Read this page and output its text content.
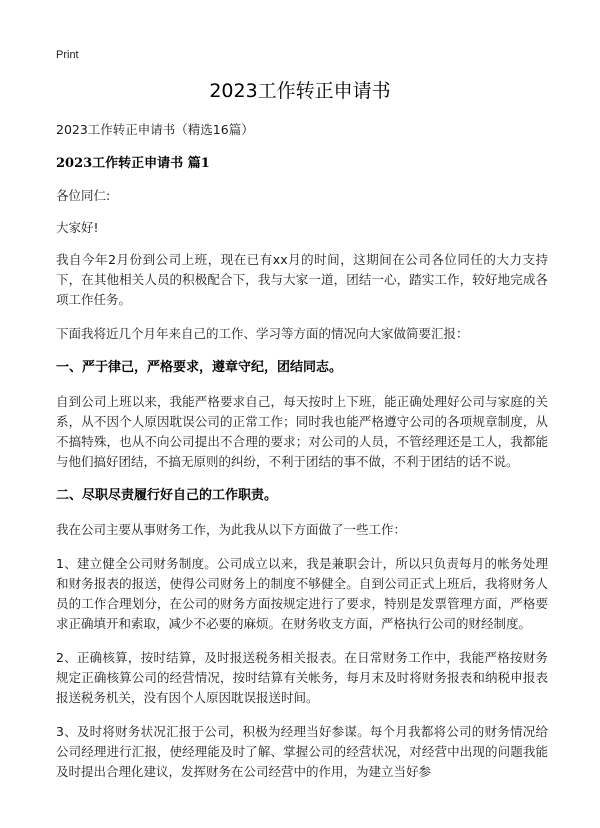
Print
2023工作转正申请书

2023工作转正申请书（精选16篇）

2023工作转正申请书 篇1

各位同仁:

大家好!

我自今年2月份到公司上班，现在已有xx月的时间，这期间在公司各位同任的大力支持下，在其他相关人员的积极配合下，我与大家一道，团结一心，踏实工作，较好地完成各项工作任务。

下面我将近几个月年来自己的工作、学习等方面的情况向大家做简要汇报：

一、严于律己，严格要求，遵章守纪，团结同志。

自到公司上班以来，我能严格要求自己，每天按时上下班，能正确处理好公司与家庭的关系，从不因个人原因耽误公司的正常工作；同时我也能严格遵守公司的各项规章制度，从不搞特殊，也从不向公司提出不合理的要求；对公司的人员，不管经理还是工人，我都能与他们搞好团结，不搞无原则的纠纷，不利于团结的事不做，不利于团结的话不说。

二、尽职尽责履行好自己的工作职责。

我在公司主要从事财务工作，为此我从以下方面做了一些工作：

1、建立健全公司财务制度。公司成立以来，我是兼职会计，所以只负责每月的帐务处理和财务报表的报送，使得公司财务上的制度不够健全。自到公司正式上班后，我将财务人员的工作合理划分，在公司的财务方面按规定进行了要求，特别是发票管理方面，严格要求正确填开和索取，减少不必要的麻烦。在财务收支方面，严格执行公司的财经制度。

2、正确核算，按时结算，及时报送税务相关报表。在日常财务工作中，我能严格按财务规定正确核算公司的经营情况，按时结算有关帐务，每月末及时将财务报表和纳税申报表报送税务机关，没有因个人原因耽误报送时间。

3、及时将财务状况汇报于公司，积极为经理当好参谋。每个月我都将公司的财务情况给公司经理进行汇报，使经理能及时了解、掌握公司的经营状况，对经营中出现的问题我能及时提出合理化建议，发挥财务在公司经营中的作用，为建立当好参
